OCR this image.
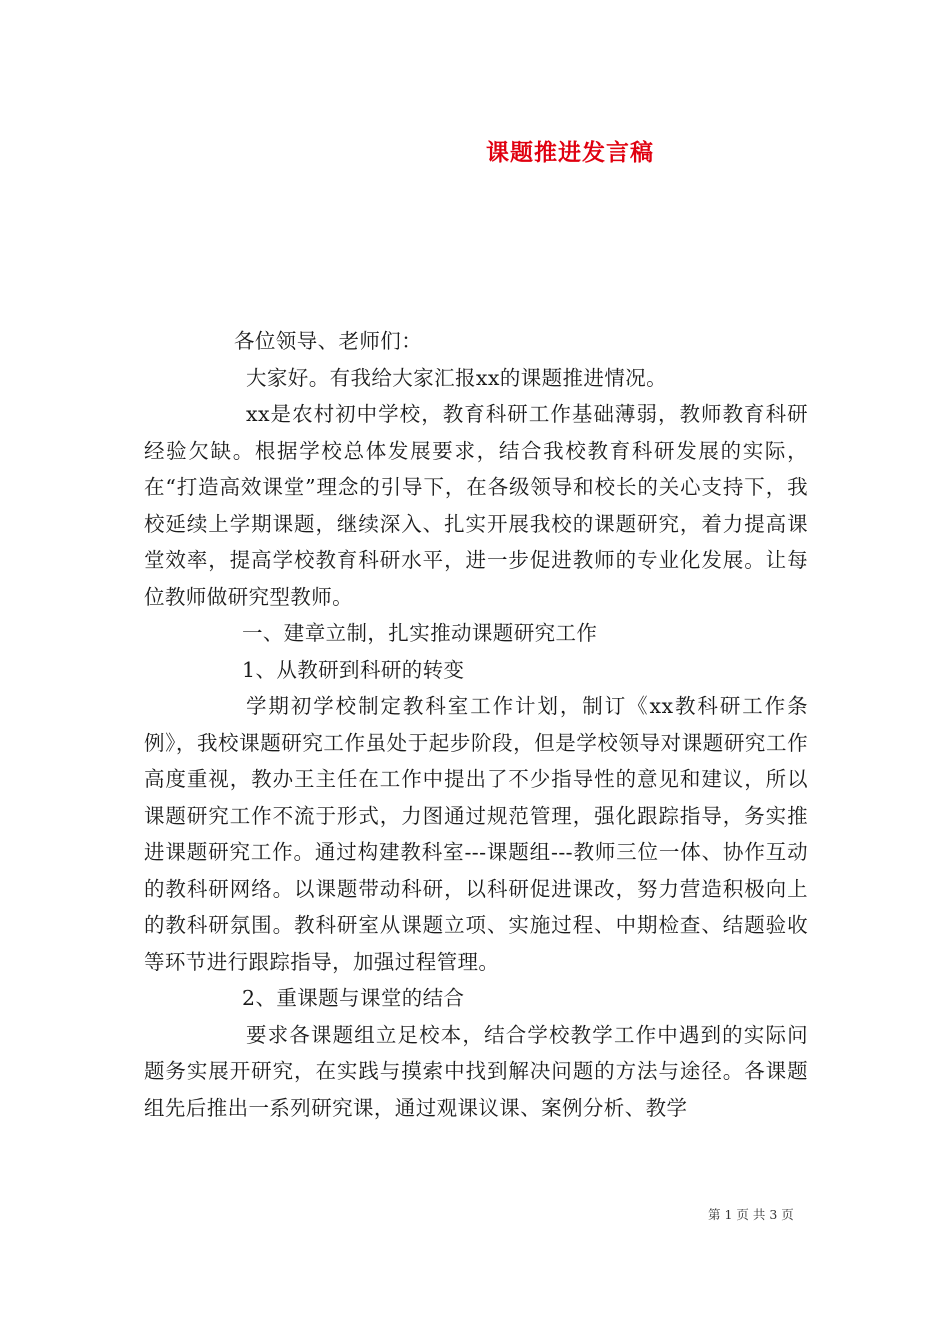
课题推进发言稿

各位领导、老师们：

大家好。有我给大家汇报xx的课题推进情况。

xx是农村初中学校，教育科研工作基础薄弱，教师教育科研经验欠缺。根据学校总体发展要求，结合我校教育科研发展的实际，在“打造高效课堂”理念的引导下，在各级领导和校长的关心支持下，我校延续上学期课题，继续深入、扎实开展我校的课题研究，着力提高课堂效率，提高学校教育科研水平，进一步促进教师的专业化发展。让每位教师做研究型教师。

一、建章立制，扎实推动课题研究工作

1、从教研到科研的转变

学期初学校制定教科室工作计划，制订《xx教科研工作条例》，我校课题研究工作虽处于起步阶段，但是学校领导对课题研究工作高度重视，教办王主任在工作中提出了不少指导性的意见和建议，所以课题研究工作不流于形式，力图通过规范管理，强化跟踪指导，务实推进课题研究工作。通过构建教科室---课题组---教师三位一体、协作互动的教科研网络。以课题带动科研，以科研促进课改，努力营造积极向上的教科研氛围。教科研室从课题立项、实施过程、中期检查、结题验收等环节进行跟踪指导，加强过程管理。

2、重课题与课堂的结合

要求各课题组立足校本，结合学校教学工作中遇到的实际问题务实展开研究，在实践与摸索中找到解决问题的方法与途径。各课题组先后推出一系列研究课，通过观课议课、案例分析、教学

第 1 页 共 3 页
